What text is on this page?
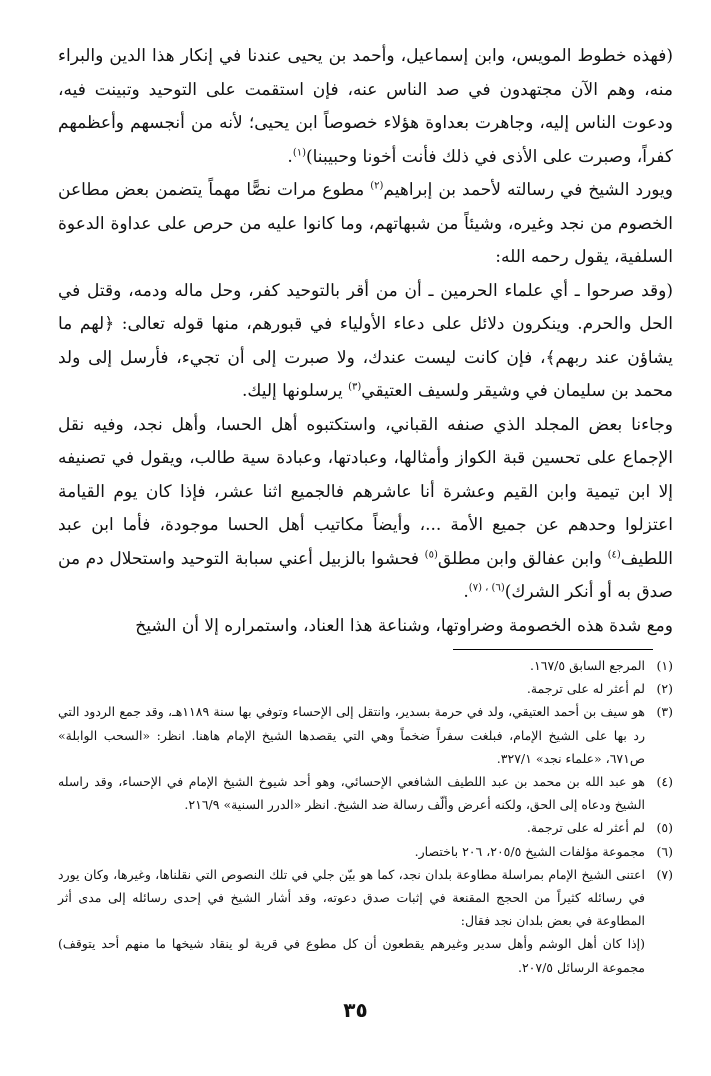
(فهذه خطوط المويس، وابن إسماعيل، وأحمد بن يحيى عندنا في إنكار هذا الدين والبراء منه، وهم الآن مجتهدون في صد الناس عنه، فإن استقمت على التوحيد وتبينت فيه، ودعوت الناس إليه، وجاهرت بعداوة هؤلاء خصوصاً ابن يحيى؛ لأنه من أنجسهم وأعظمهم كفراً، وصبرت على الأذى في ذلك فأنت أخونا وحبيبنا)$^{(١)}$.

ويورد الشيخ في رسالته لأحمد بن إبراهيم$^{(٢)}$ مطوع مرات نصًّا مهماً يتضمن بعض مطاعن الخصوم من نجد وغيره، وشيئاً من شبهاتهم، وما كانوا عليه من حرص على عداوة الدعوة السلفية، يقول رحمه الله:

(وقد صرحوا ـ أي علماء الحرمين ـ أن من أقر بالتوحيد كفر، وحل ماله ودمه، وقتل في الحل والحرم. وينكرون دلائل على دعاء الأولياء في قبورهم، منها قوله تعالى: ﴿لهم ما يشاؤن عند ربهم﴾، فإن كانت ليست عندك، ولا صبرت إلى أن تجيء، فأرسل إلى ولد محمد بن سليمان في وشيقر ولسيف العتيقي$^{(٣)}$ يرسلونها إليك.

وجاءنا بعض المجلد الذي صنفه القباني، واستكتبوه أهل الحسا، وأهل نجد، وفيه نقل الإجماع على تحسين قبة الكواز وأمثالها، وعبادتها، وعبادة سية طالب، ويقول في تصنيفه إلا ابن تيمية وابن القيم وعشرة أنا عاشرهم فالجميع اثنا عشر، فإذا كان يوم القيامة اعتزلوا وحدهم عن جميع الأمة ...، وأيضاً مكاتيب أهل الحسا موجودة، فأما ابن عبد اللطيف$^{(٤)}$ وابن عفالق وابن مطلق$^{(٥)}$ فحشوا بالزبيل أعني سبابة التوحيد واستحلال دم من صدق به أو أنكر الشرك)$^{(٦) ، (٧)}$.

ومع شدة هذه الخصومة وضراوتها، وشناعة هذا العناد، واستمراره إلا أن الشيخ

(١)

المرجع السابق ١٦٧/٥.

(٢)

لم أعثر له على ترجمة.

(٣)

هو سيف بن أحمد العتيقي، ولد في حرمة بسدير، وانتقل إلى الإحساء وتوفي بها سنة ١١٨٩هـ، وقد جمع الردود التي رد بها على الشيخ الإمام، فبلغت سفراً ضخماً وهي التي يقصدها الشيخ الإمام هاهنا. انظر: «السحب الوابلة» ص٦٧١، «علماء نجد» ٣٢٧/١.

(٤)

هو عبد الله بن محمد بن عبد اللطيف الشافعي الإحسائي، وهو أحد شيوخ الشيخ الإمام في الإحساء، وقد راسله الشيخ ودعاه إلى الحق، ولكنه أعرض وألّف رسالة ضد الشيخ. انظر «الدرر السنية» ٢١٦/٩.

(٥)

لم أعثر له على ترجمة.

(٦)

مجموعة مؤلفات الشيخ ٢٠٥/٥، ٢٠٦ باختصار.

(٧)

اعتنى الشيخ الإمام بمراسلة مطاوعة بلدان نجد، كما هو بيّن جلي في تلك النصوص التي نقلناها، وغيرها، وكان يورد في رسائله كثيراً من الحجج المقنعة في إثبات صدق دعوته، وقد أشار الشيخ في إحدى رسائله إلى مدى أثر المطاوعة في بعض بلدان نجد فقال:

(إذا كان أهل الوشم وأهل سدير وغيرهم يقطعون أن كل مطوع في قرية لو ينقاد شيخها ما منهم أحد يتوقف) مجموعة الرسائل ٢٠٧/٥.

٣٥
